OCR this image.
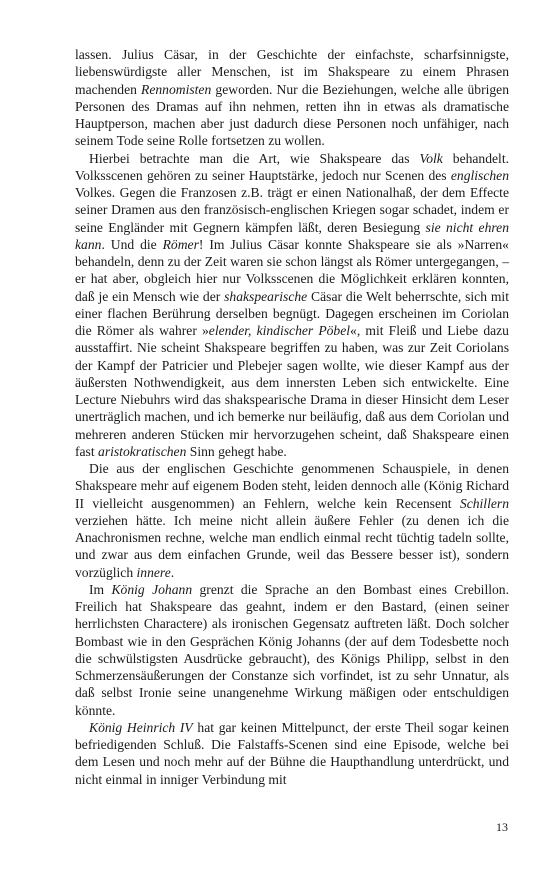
lassen. Julius Cäsar, in der Geschichte der einfachste, scharfsinnigste, liebenswürdigste aller Menschen, ist im Shakspeare zu einem Phrasen machenden Rennomisten geworden. Nur die Beziehungen, welche alle übrigen Personen des Dramas auf ihn nehmen, retten ihn in etwas als dramatische Hauptperson, machen aber just dadurch diese Personen noch unfähiger, nach seinem Tode seine Rolle fortsetzen zu wollen.

Hierbei betrachte man die Art, wie Shakspeare das Volk behandelt. Volksscenen gehören zu seiner Hauptstärke, jedoch nur Scenen des englischen Volkes. Gegen die Franzosen z.B. trägt er einen Nationalhaß, der dem Effecte seiner Dramen aus den französisch-englischen Kriegen sogar schadet, indem er seine Engländer mit Gegnern kämpfen läßt, deren Besiegung sie nicht ehren kann. Und die Römer! Im Julius Cäsar konnte Shakspeare sie als »Narren« behandeln, denn zu der Zeit waren sie schon längst als Römer untergegangen, – er hat aber, obgleich hier nur Volksscenen die Möglichkeit erklären konnten, daß je ein Mensch wie der shakspearische Cäsar die Welt beherrschte, sich mit einer flachen Berührung derselben begnügt. Dagegen erscheinen im Coriolan die Römer als wahrer »elender, kindischer Pöbel«, mit Fleiß und Liebe dazu ausstaffirt. Nie scheint Shakspeare begriffen zu haben, was zur Zeit Coriolans der Kampf der Patricier und Plebejer sagen wollte, wie dieser Kampf aus der äußersten Nothwendigkeit, aus dem innersten Leben sich entwickelte. Eine Lecture Niebuhrs wird das shakspearische Drama in dieser Hinsicht dem Leser unerträglich machen, und ich bemerke nur beiläufig, daß aus dem Coriolan und mehreren anderen Stücken mir hervorzugehen scheint, daß Shakspeare einen fast aristokratischen Sinn gehegt habe.

Die aus der englischen Geschichte genommenen Schauspiele, in denen Shakspeare mehr auf eigenem Boden steht, leiden dennoch alle (König Richard II vielleicht ausgenommen) an Fehlern, welche kein Recensent Schillern verziehen hätte. Ich meine nicht allein äußere Fehler (zu denen ich die Anachronismen rechne, welche man endlich einmal recht tüchtig tadeln sollte, und zwar aus dem einfachen Grunde, weil das Bessere besser ist), sondern vorzüglich innere.

Im König Johann grenzt die Sprache an den Bombast eines Crebillon. Freilich hat Shakspeare das geahnt, indem er den Bastard, (einen seiner herrlichsten Charactere) als ironischen Gegensatz auftreten läßt. Doch solcher Bombast wie in den Gesprächen König Johanns (der auf dem Todesbette noch die schwülstigsten Ausdrücke gebraucht), des Königs Philipp, selbst in den Schmerzensäußerungen der Constanze sich vorfindet, ist zu sehr Unnatur, als daß selbst Ironie seine unangenehme Wirkung mäßigen oder entschuldigen könnte.

König Heinrich IV hat gar keinen Mittelpunct, der erste Theil sogar keinen befriedigenden Schluß. Die Falstaffs-Scenen sind eine Episode, welche bei dem Lesen und noch mehr auf der Bühne die Haupthandlung unterdrückt, und nicht einmal in inniger Verbindung mit

13
